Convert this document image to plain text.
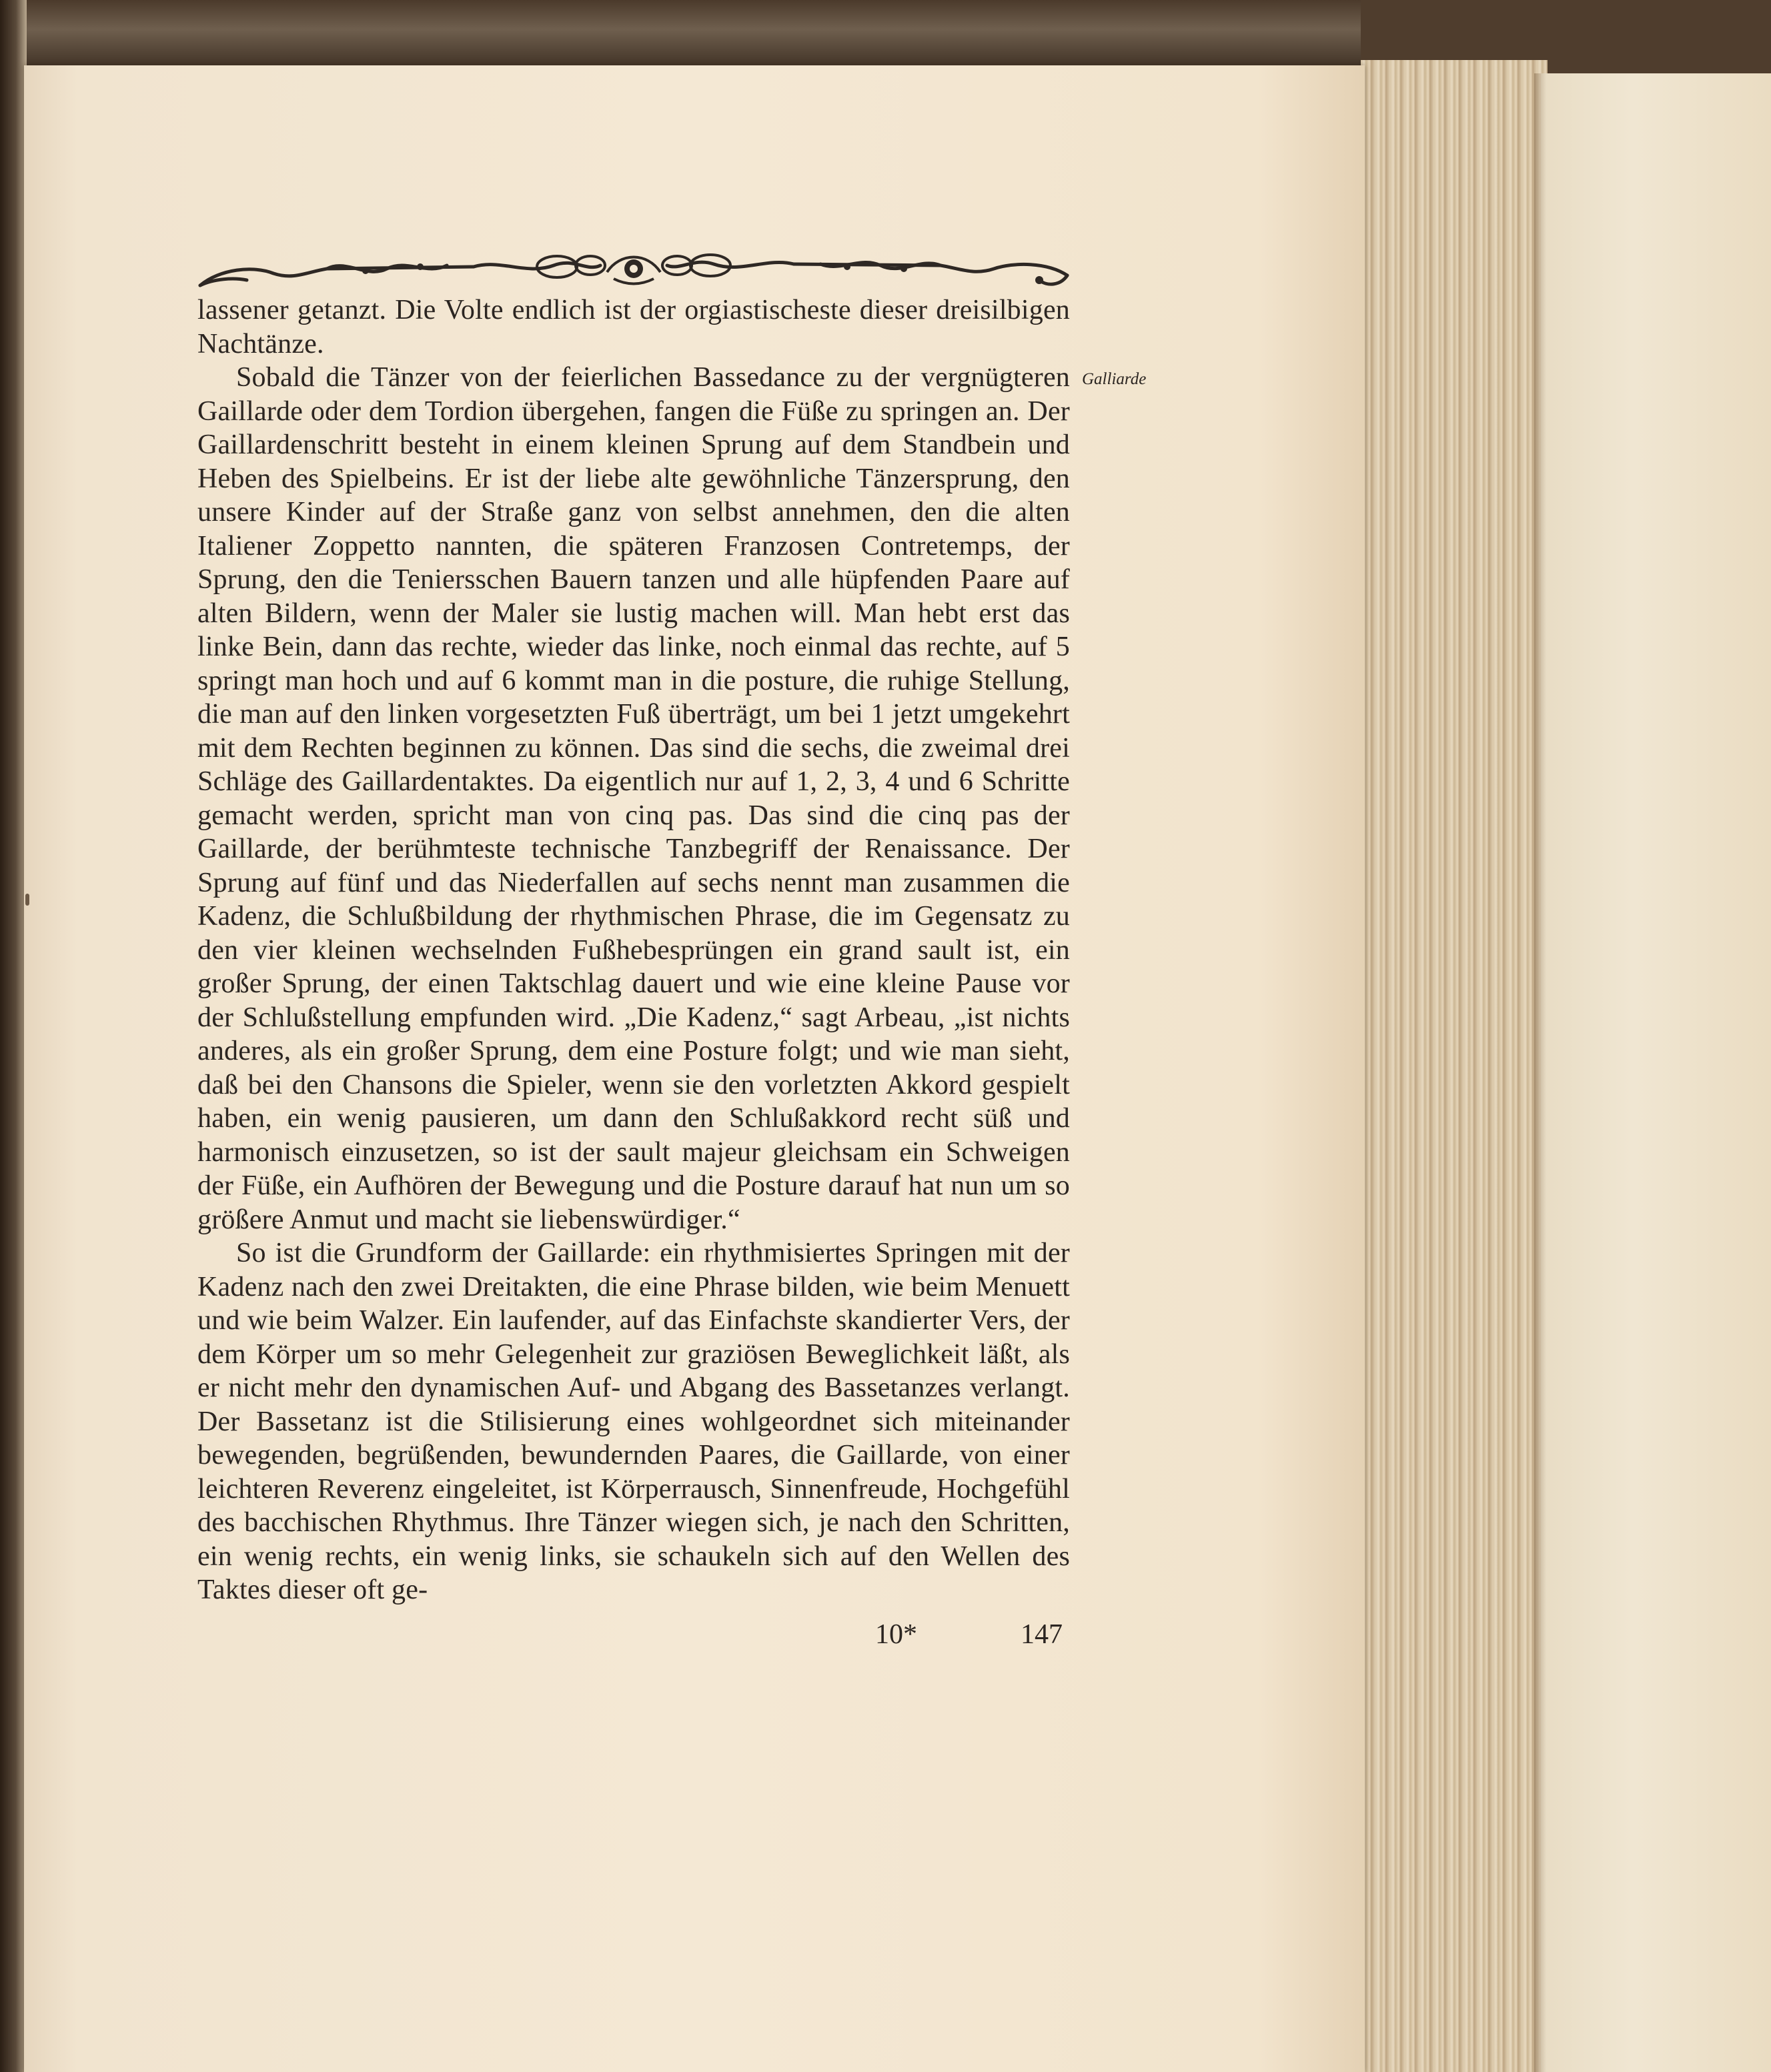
Galliarde

lassener getanzt. Die Volte endlich ist der orgiastischeste dieser dreisilbigen Nachtänze.

Sobald die Tänzer von der feierlichen Bassedance zu der vergnügteren Gaillarde oder dem Tordion übergehen, fangen die Füße zu springen an. Der Gaillardenschritt besteht in einem kleinen Sprung auf dem Standbein und Heben des Spielbeins. Er ist der liebe alte gewöhnliche Tänzersprung, den unsere Kinder auf der Straße ganz von selbst annehmen, den die alten Italiener Zoppetto nannten, die späteren Franzosen Contretemps, der Sprung, den die Teniersschen Bauern tanzen und alle hüpfenden Paare auf alten Bildern, wenn der Maler sie lustig machen will. Man hebt erst das linke Bein, dann das rechte, wieder das linke, noch einmal das rechte, auf 5 springt man hoch und auf 6 kommt man in die posture, die ruhige Stellung, die man auf den linken vorgesetzten Fuß überträgt, um bei 1 jetzt umgekehrt mit dem Rechten beginnen zu können. Das sind die sechs, die zweimal drei Schläge des Gaillardentaktes. Da eigentlich nur auf 1, 2, 3, 4 und 6 Schritte gemacht werden, spricht man von cinq pas. Das sind die cinq pas der Gaillarde, der berühmteste technische Tanzbegriff der Renaissance. Der Sprung auf fünf und das Niederfallen auf sechs nennt man zusammen die Kadenz, die Schlußbildung der rhythmischen Phrase, die im Gegensatz zu den vier kleinen wechselnden Fußhebesprüngen ein grand sault ist, ein großer Sprung, der einen Taktschlag dauert und wie eine kleine Pause vor der Schlußstellung empfunden wird. „Die Kadenz,“ sagt Arbeau, „ist nichts anderes, als ein großer Sprung, dem eine Posture folgt; und wie man sieht, daß bei den Chansons die Spieler, wenn sie den vorletzten Akkord gespielt haben, ein wenig pausieren, um dann den Schlußakkord recht süß und harmonisch einzusetzen, so ist der sault majeur gleichsam ein Schweigen der Füße, ein Aufhören der Bewegung und die Posture darauf hat nun um so größere Anmut und macht sie liebenswürdiger.“

So ist die Grundform der Gaillarde: ein rhythmisiertes Springen mit der Kadenz nach den zwei Dreitakten, die eine Phrase bilden, wie beim Menuett und wie beim Walzer. Ein laufender, auf das Einfachste skandierter Vers, der dem Körper um so mehr Gelegenheit zur graziösen Beweglichkeit läßt, als er nicht mehr den dynamischen Auf- und Abgang des Bassetanzes verlangt. Der Bassetanz ist die Stilisierung eines wohlgeordnet sich miteinander bewegenden, begrüßenden, bewundernden Paares, die Gaillarde, von einer leichteren Reverenz eingeleitet, ist Körperrausch, Sinnenfreude, Hochgefühl des bacchischen Rhythmus. Ihre Tänzer wiegen sich, je nach den Schritten, ein wenig rechts, ein wenig links, sie schaukeln sich auf den Wellen des Taktes dieser oft ge-

10*	147
